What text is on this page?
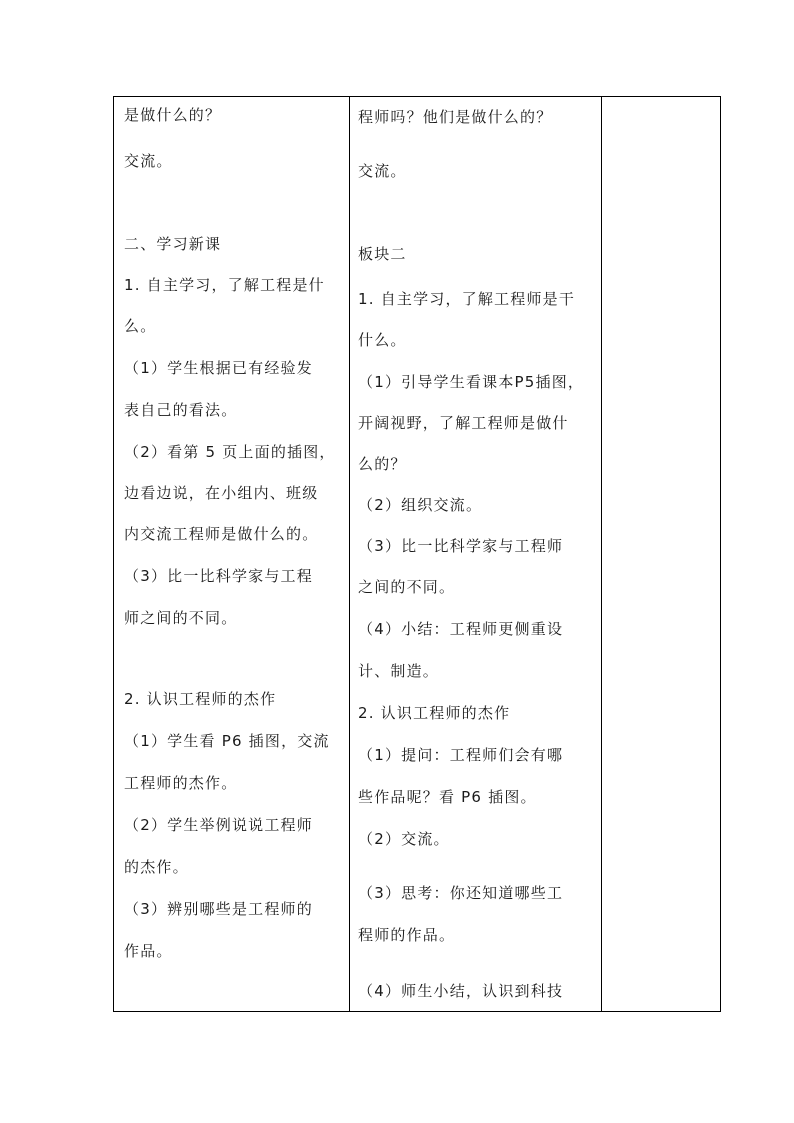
是做什么的？
交流。
二、学习新课
1. 自主学习，了解工程是什
么。
（1）学生根据已有经验发
表自己的看法。
（2）看第 5 页上面的插图，
边看边说，在小组内、班级
内交流工程师是做什么的。
（3）比一比科学家与工程
师之间的不同。
2. 认识工程师的杰作
（1）学生看 P6 插图，交流
工程师的杰作。
（2）学生举例说说工程师
的杰作。
（3）辨别哪些是工程师的
作品。
程师吗？他们是做什么的？
交流。
板块二
1. 自主学习，了解工程师是干
什么。
（1）引导学生看课本P5插图，
开阔视野，了解工程师是做什
么的？
（2）组织交流。
（3）比一比科学家与工程师
之间的不同。
（4）小结：工程师更侧重设
计、制造。
2. 认识工程师的杰作
（1）提问：工程师们会有哪
些作品呢？看 P6 插图。
（2）交流。
（3）思考：你还知道哪些工
程师的作品。
（4）师生小结，认识到科技
